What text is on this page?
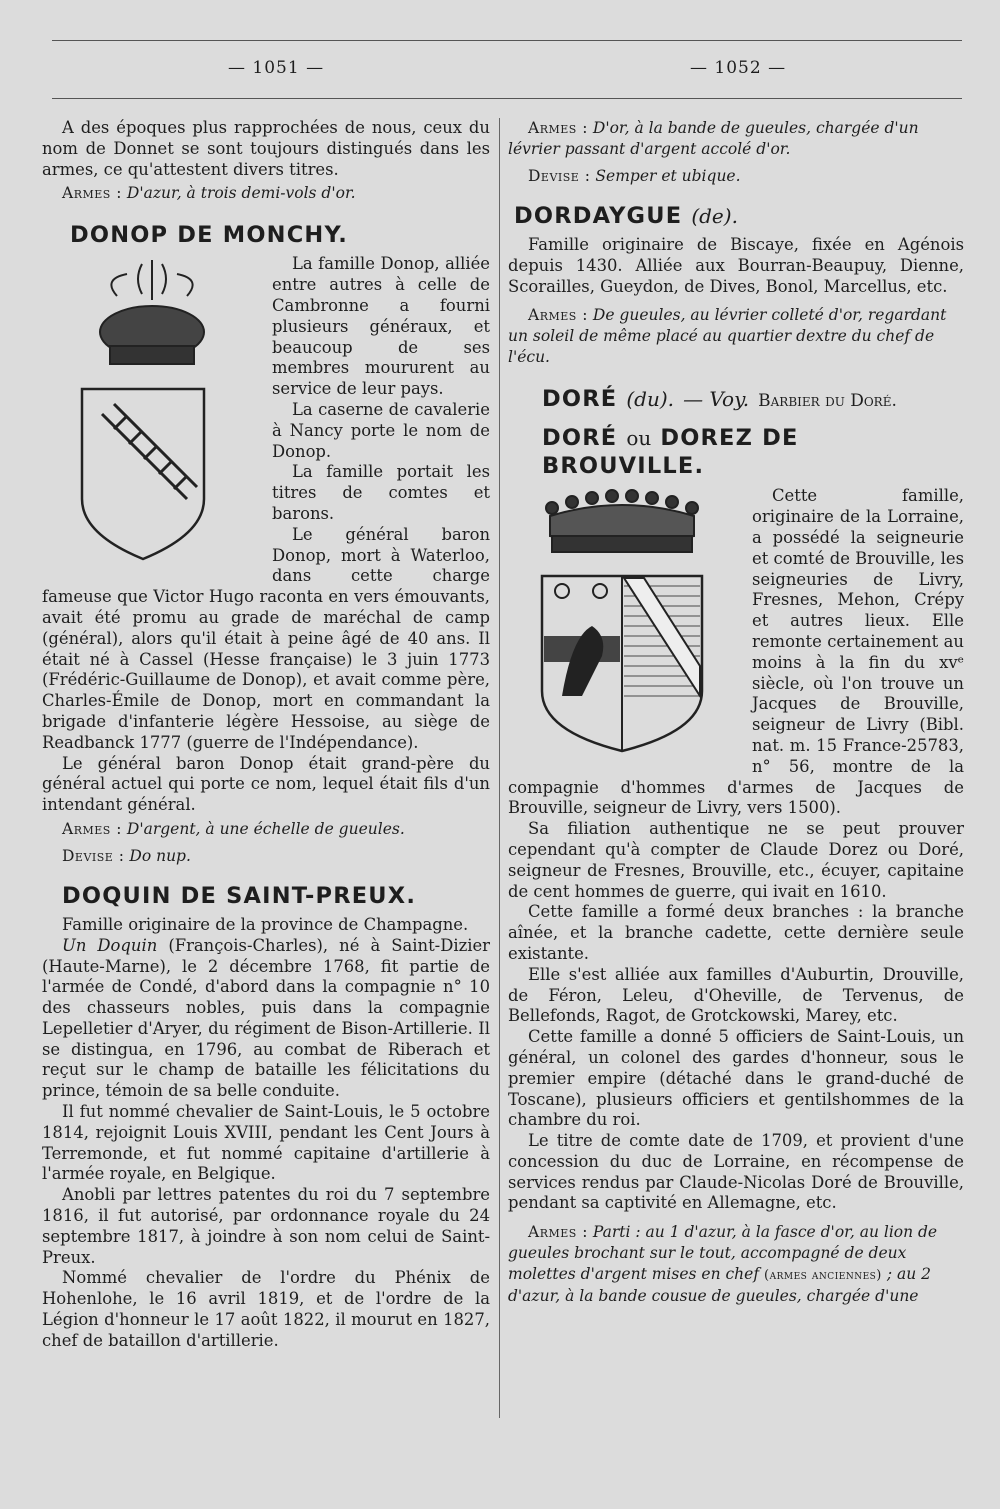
— 1051 —	— 1052 —

A des époques plus rapprochées de nous, ceux du nom de Donnet se sont toujours distingués dans les armes, ce qu'attestent divers titres.

Armes : D'azur, à trois demi-vols d'or.
DONOP DE MONCHY.

La famille Donop, alliée entre autres à celle de Cambronne a fourni plusieurs généraux, et beaucoup de ses membres moururent au service de leur pays.

La caserne de cavalerie à Nancy porte le nom de Donop.

La famille portait les titres de comtes et barons.

Le général baron Donop, mort à Waterloo, dans cette charge fameuse que Victor Hugo raconta en vers émouvants, avait été promu au grade de maréchal de camp (général), alors qu'il était à peine âgé de 40 ans. Il était né à Cassel (Hesse française) le 3 juin 1773 (Frédéric-Guillaume de Donop), et avait comme père, Charles-Émile de Donop, mort en commandant la brigade d'infanterie légère Hessoise, au siège de Readbanck 1777 (guerre de l'Indépendance).

Le général baron Donop était grand-père du général actuel qui porte ce nom, lequel était fils d'un intendant général.

Armes : D'argent, à une échelle de gueules.
Devise : Do nup.
DOQUIN DE SAINT-PREUX.

Famille originaire de la province de Champagne.

Un Doquin (François-Charles), né à Saint-Dizier (Haute-Marne), le 2 décembre 1768, fit partie de l'armée de Condé, d'abord dans la compagnie n° 10 des chasseurs nobles, puis dans la compagnie Lepelletier d'Aryer, du régiment de Bison-Artillerie. Il se distingua, en 1796, au combat de Riberach et reçut sur le champ de bataille les félicitations du prince, témoin de sa belle conduite.

Il fut nommé chevalier de Saint-Louis, le 5 octobre 1814, rejoignit Louis XVIII, pendant les Cent Jours à Terremonde, et fut nommé capitaine d'artillerie à l'armée royale, en Belgique.

Anobli par lettres patentes du roi du 7 septembre 1816, il fut autorisé, par ordonnance royale du 24 septembre 1817, à joindre à son nom celui de Saint-Preux.

Nommé chevalier de l'ordre du Phénix de Hohenlohe, le 16 avril 1819, et de l'ordre de la Légion d'honneur le 17 août 1822, il mourut en 1827, chef de bataillon d'artillerie.

Armes : D'or, à la bande de gueules, chargée d'un lévrier passant d'argent accolé d'or.
Devise : Semper et ubique.
DORDAYGUE (de).

Famille originaire de Biscaye, fixée en Agénois depuis 1430. Alliée aux Bourran-Beaupuy, Dienne, Scorailles, Gueydon, de Dives, Bonol, Marcellus, etc.

Armes : De gueules, au lévrier colleté d'or, regardant un soleil de même placé au quartier dextre du chef de l'écu.
DORÉ (du). — Voy. Barbier du Doré.
DORÉ ou DOREZ DE BROUVILLE.

Cette famille, originaire de la Lorraine, a possédé la seigneurie et comté de Brouville, les seigneuries de Livry, Fresnes, Mehon, Crépy et autres lieux. Elle remonte certainement au moins à la fin du xvᵉ siècle, où l'on trouve un Jacques de Brouville, seigneur de Livry (Bibl. nat. m. 15 France-25783, n° 56, montre de la compagnie d'hommes d'armes de Jacques de Brouville, seigneur de Livry, vers 1500).

Sa filiation authentique ne se peut prouver cependant qu'à compter de Claude Dorez ou Doré, seigneur de Fresnes, Brouville, etc., écuyer, capitaine de cent hommes de guerre, qui ivait en 1610.

Cette famille a formé deux branches : la branche aînée, et la branche cadette, cette dernière seule existante.

Elle s'est alliée aux familles d'Auburtin, Drouville, de Féron, Leleu, d'Oheville, de Tervenus, de Bellefonds, Ragot, de Grotckowski, Marey, etc.

Cette famille a donné 5 officiers de Saint-Louis, un général, un colonel des gardes d'honneur, sous le premier empire (détaché dans le grand-duché de Toscane), plusieurs officiers et gentilshommes de la chambre du roi.

Le titre de comte date de 1709, et provient d'une concession du duc de Lorraine, en récompense de services rendus par Claude-Nicolas Doré de Brouville, pendant sa captivité en Allemagne, etc.

Armes : Parti : au 1 d'azur, à la fasce d'or, au lion de gueules brochant sur le tout, accompagné de deux molettes d'argent mises en chef (armes anciennes) ; au 2 d'azur, à la bande cousue de gueules, chargée d'une
